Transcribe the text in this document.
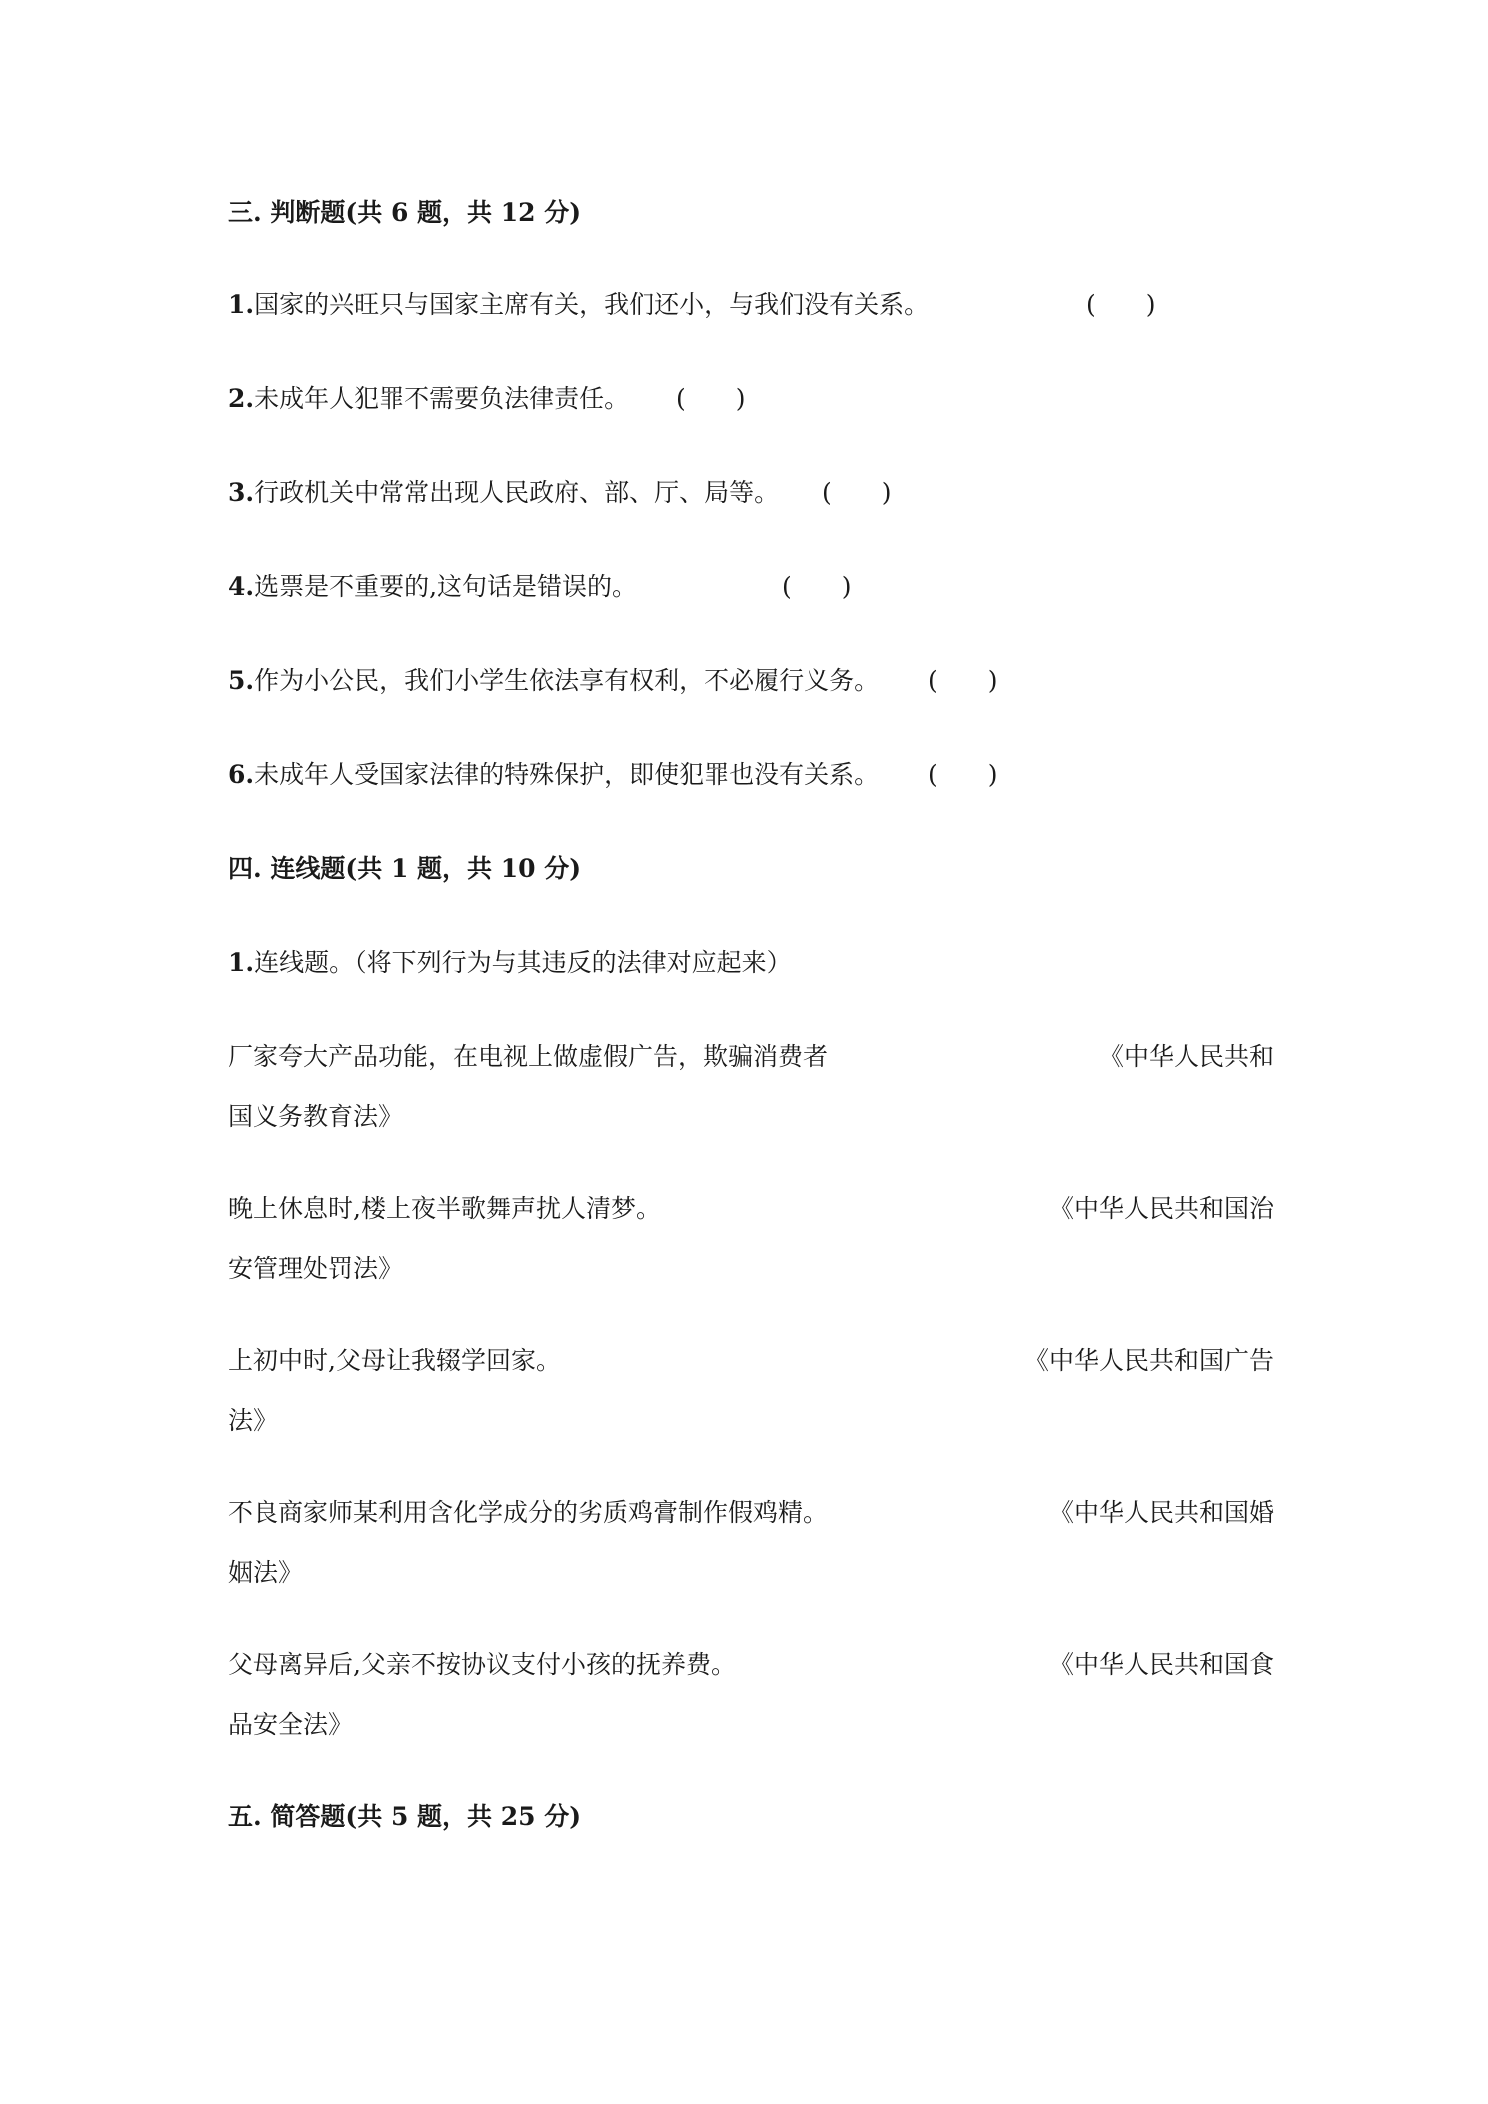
三. 判断题(共 6 题，共 12 分)
1.国家的兴旺只与国家主席有关，我们还小，与我们没有关系。	(　　)
2.未成年人犯罪不需要负法律责任。 (　　)
3.行政机关中常常出现人民政府、部、厅、局等。 (　　)
4.选票是不重要的,这句话是错误的。	(　　)
5.作为小公民，我们小学生依法享有权利，不必履行义务。 (　　)
6.未成年人受国家法律的特殊保护，即使犯罪也没有关系。 (　　)
四. 连线题(共 1 题，共 10 分)
1.连线题。（将下列行为与其违反的法律对应起来）
厂家夸大产品功能，在电视上做虚假广告，欺骗消费者	《中华人民共和
国义务教育法》
晚上休息时,楼上夜半歌舞声扰人清梦。	《中华人民共和国治
安管理处罚法》
上初中时,父母让我辍学回家。	《中华人民共和国广告
法》
不良商家师某利用含化学成分的劣质鸡膏制作假鸡精。	《中华人民共和国婚
姻法》
父母离异后,父亲不按协议支付小孩的抚养费。	《中华人民共和国食
品安全法》
五. 简答题(共 5 题，共 25 分)
